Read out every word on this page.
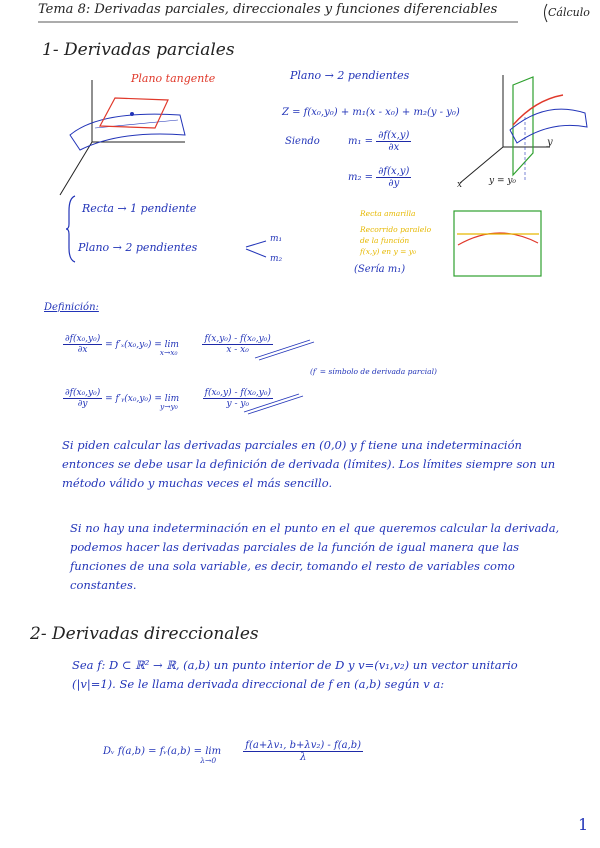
Tema 8: Derivadas parciales, direccionales y funciones diferenciables	Cálculo
1- Derivadas parciales
Plano tangente	Plano → 2 pendientes
Z = f(x₀,y₀) + m₁(x - x₀) + m₂(y - y₀)
Siendo	$m_1 = \frac{\partial f(x,y)}{\partial x}$
$m_2 = \frac{\partial f(x,y)}{\partial y}$
y
x	y = y₀
Recta → 1 pendiente
Plano → 2 pendientes
m₁
m₂
Recta amarilla
Recorrido paralelo
de la función
f(x,y) en y = y₀
(Sería m₁)
Definición:
$\frac{\text{∂f(x₀,y₀)}}{\partial x} = f'_x(x_0,y_0) = \lim _{x\to x_0}$	$\frac{\text{f(x,y₀) - f(x₀,y₀)}}{\text{x - x₀}}$
(f′ = símbolo de derivada parcial)
$\frac{\text{∂f(x₀,y₀)}}{\partial y}$ = f′ᵧ(x₀,y₀) = lim $_{y\to y_0}$	$\frac{\text{f(x₀,y) - f(x₀,y₀)}}{\text{y - y₀}}$
Si piden calcular las derivadas parciales en (0,0) y f tiene una indeterminación entonces se debe usar la definición de derivada (límites). Los límites siempre son un método válido y muchas veces el más sencillo.
Si no hay una indeterminación en el punto en el que queremos calcular la derivada, podemos hacer las derivadas parciales de la función de igual manera que las funciones de una sola variable, es decir, tomando el resto de variables como constantes.
2- Derivadas direccionales
Sea f: D ⊂ ℝ² → ℝ, (a,b) un punto interior de D y v=(v₁,v₂) un vector unitario (|v|=1). Se le llama derivada direccional de f en (a,b) según v a:
Dᵥ f(a,b) = fᵥ(a,b) = lim $_{\lambda\to 0}$	$\frac{\text{f(a+λv₁, b+λv₂) - f(a,b)}}{\lambda}$
1
